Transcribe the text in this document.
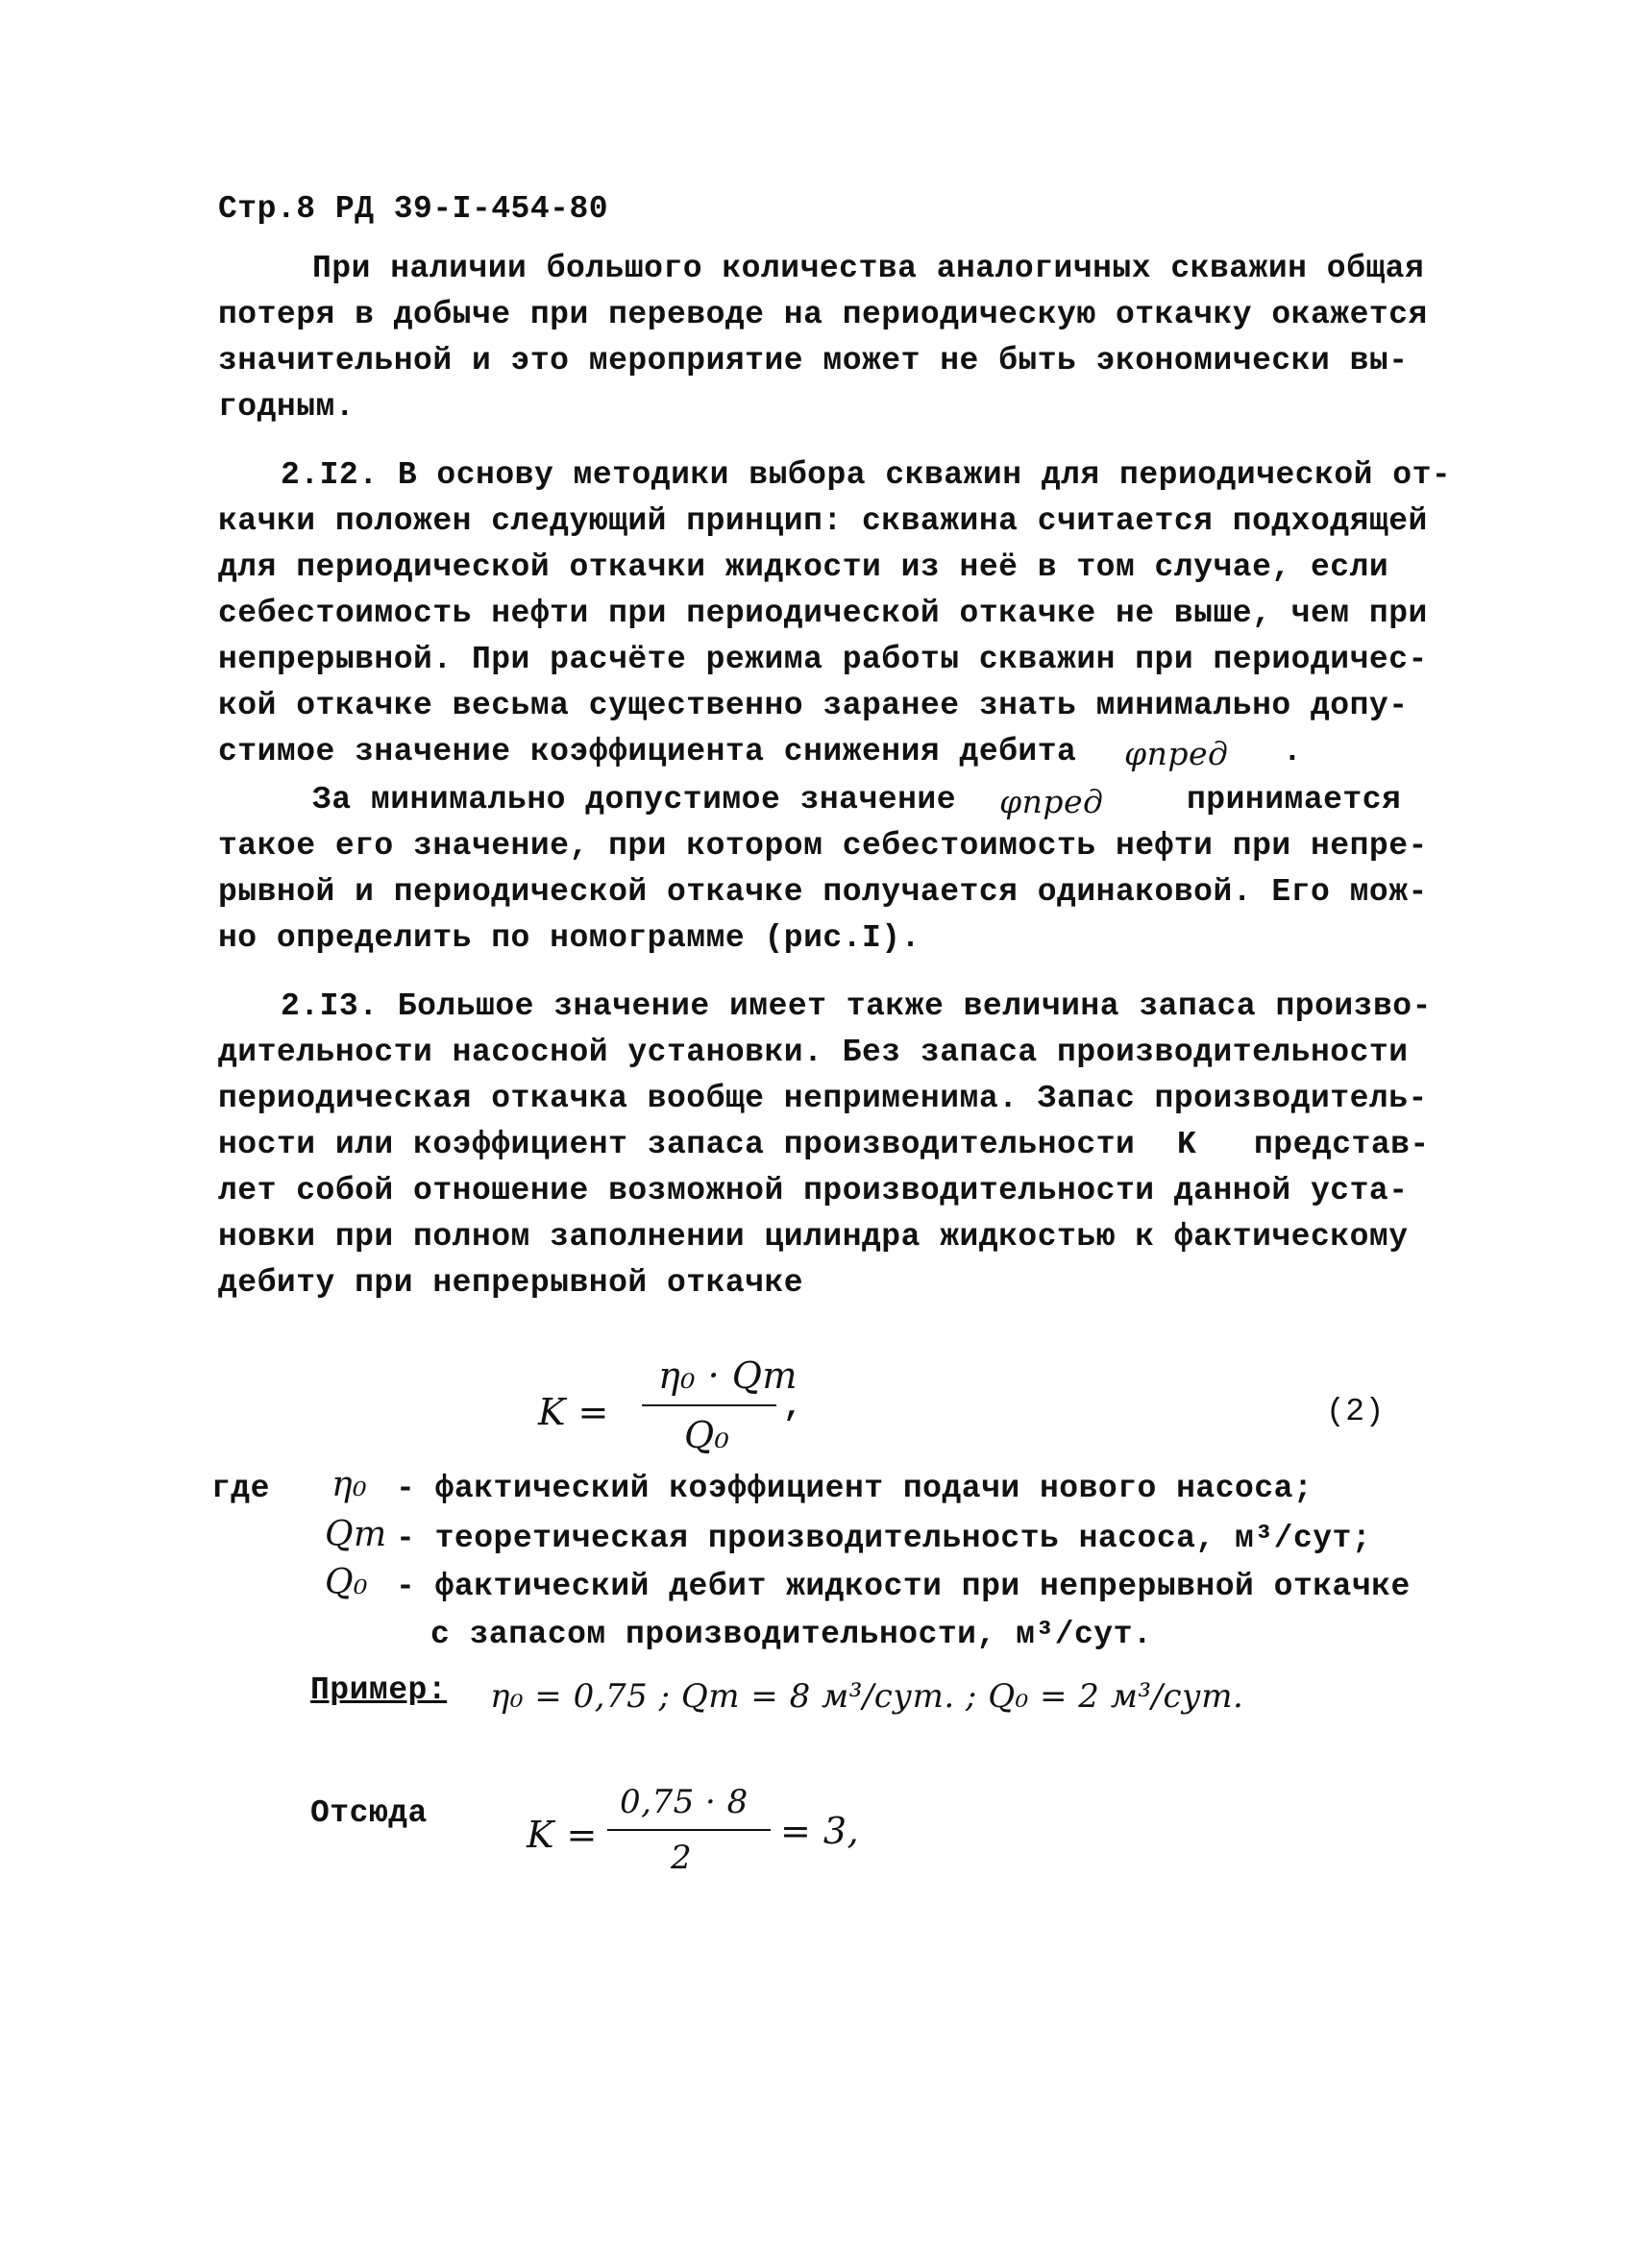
Стр.8 РД 39-I-454-80
При наличии большого количества аналогичных скважин общая
потеря в добыче при переводе на периодическую откачку окажется
значительной и это мероприятие может не быть экономически вы-
годным.
2.I2. В основу методики выбора скважин для периодической от-
качки положен следующий принцип: скважина считается подходящей
для периодической откачки жидкости из неё в том случае, если
себестоимость нефти при периодической откачке не выше, чем при
непрерывной. При расчёте режима работы скважин при периодичес-
кой откачке весьма существенно заранее знать минимально допу-
стимое значение коэффициента снижения дебита φпред .
За минимально допустимое значение φпред	принимается
такое его значение, при котором себестоимость нефти при непре-
рывной и периодической откачке получается одинаковой. Его мож-
но определить по номограмме (рис.I).
2.I3. Большое значение имеет также величина запаса произво-
дительности насосной установки. Без запаса производительности
периодическая откачка вообще неприменима. Запас производитель-
ности или коэффициент запаса производительности K представ-
лет собой отношение возможной производительности данной уста-
новки при полном заполнении цилиндра жидкостью к фактическому
дебиту при непрерывной откачке
K =
η₀ · Qт
Q₀
,	(2)
где η₀ - фактический коэффициент подачи нового насоса;
Qт - теоретическая производительность насоса, м³/сут;
Q₀ - фактический дебит жидкости при непрерывной откачке
с запасом производительности, м³/сут.
Пример: η₀ = 0,75 ; Qт = 8 м³/сут. ; Q₀ = 2 м³/сут.
Отсюда
K =
0,75 · 8
2
= 3,
